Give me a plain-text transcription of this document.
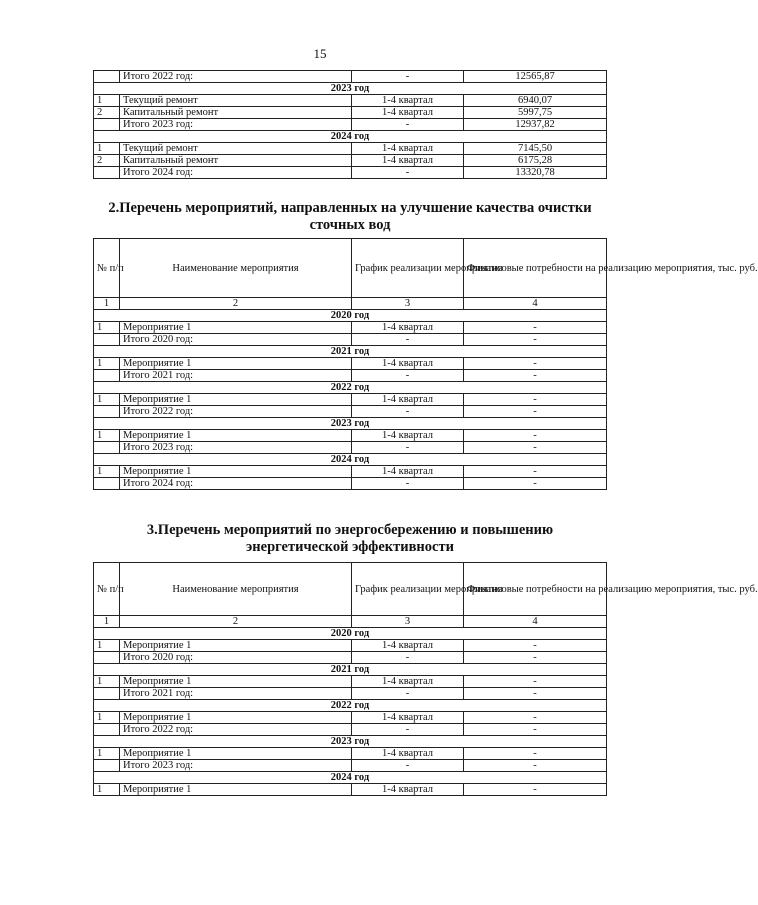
15
	Итого 2022 год:	-	12565,87
2023 год			
1	Текущий ремонт	1-4 квартал	6940,07
2	Капитальный ремонт	1-4 квартал	5997,75
	Итого 2023 год:	-	12937,82
2024 год			
1	Текущий ремонт	1-4 квартал	7145,50
2	Капитальный ремонт	1-4 квартал	6175,28
	Итого 2024 год:	-	13320,78
2.Перечень мероприятий, направленных на улучшение качества очистки сточных вод
№ п/п	Наименование мероприятия	График реализации мероприятия	Финансовые потребности на реализацию мероприятия, тыс. руб.
1	2	3	4
2020 год			
1	Мероприятие 1	1-4 квартал	-
	Итого 2020 год:	-	-
2021 год			
1	Мероприятие 1	1-4 квартал	-
	Итого 2021 год:	-	-
2022 год			
1	Мероприятие 1	1-4 квартал	-
	Итого 2022 год:	-	-
2023 год			
1	Мероприятие 1	1-4 квартал	-
	Итого 2023 год:	-	-
2024 год			
1	Мероприятие 1	1-4 квартал	-
	Итого 2024 год:	-	-
3.Перечень мероприятий по энергосбережению и повышению энергетической эффективности
№ п/п	Наименование мероприятия	График реализации мероприятия	Финансовые потребности на реализацию мероприятия, тыс. руб.
1	2	3	4
2020 год			
1	Мероприятие 1	1-4 квартал	-
	Итого 2020 год:	-	-
2021 год			
1	Мероприятие 1	1-4 квартал	-
	Итого 2021 год:	-	-
2022 год			
1	Мероприятие 1	1-4 квартал	-
	Итого 2022 год:	-	-
2023 год			
1	Мероприятие 1	1-4 квартал	-
	Итого 2023 год:	-	-
2024 год			
1	Мероприятие 1	1-4 квартал	-
